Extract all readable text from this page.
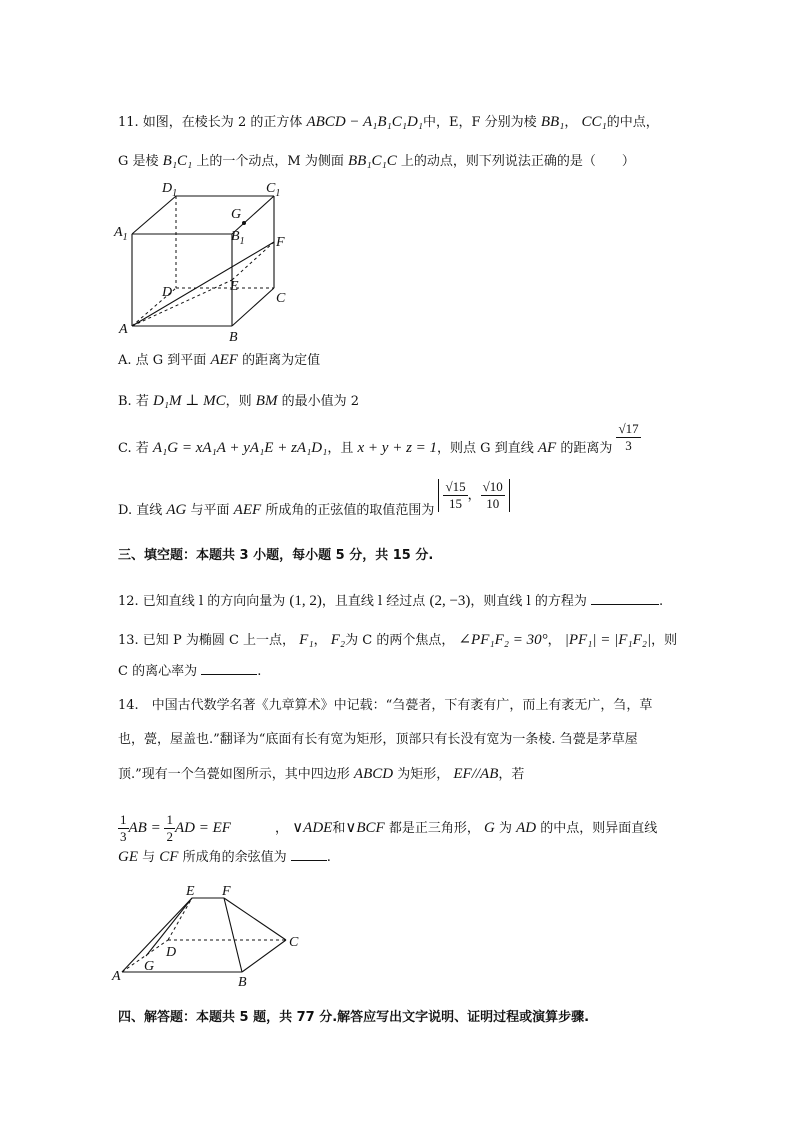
11. 如图，在棱长为 2 的正方体 ABCD − A₁B₁C₁D₁中，E，F 分别为棱 BB₁， CC₁的中点，
G 是棱 B₁C₁ 上的一个动点，M 为侧面 BB₁C₁C 上的动点，则下列说法正确的是（　　）
$D_1$	$C_1$
$A_1$	$B_1$
G
F
D	E
C
A
B
A. 点 G 到平面 AEF 的距离为定值
B. 若 D₁M ⊥ MC，则 BM 的最小值为 2
C. 若 A₁G = xA₁A + yA₁E + zA₁D₁，且 x + y + z = 1，则点 G 到直线 AF 的距离为 $\frac{√17}{3}$
D. 直线 AG 与平面 AEF 所成角的正弦值的取值范围为 $\frac{√15}{15}$ ， $\frac{√10}{10}$
三、填空题：本题共 3 小题，每小题 5 分，共 15 分.
12. 已知直线 l 的方向向量为 (1, 2)，且直线 l 经过点 (2, −3)，则直线 l 的方程为	.
13. 已知 P 为椭圆 C 上一点， F₁， F₂为 C 的两个焦点， ∠PF₁F₂ = 30°， |PF₁| = |F₁F₂|，则
C 的离心率为	.
14.　中国古代数学名著《九章算术》中记载：“刍甍者，下有袤有广，而上有袤无广，刍，草
也，甍，屋盖也.”翻译为“底面有长有宽为矩形，顶部只有长没有宽为一条棱. 刍甍是茅草屋
顶.”现有一个刍甍如图所示，其中四边形 ABCD 为矩形， EF//AB，若
$\frac{1}{3}$ AB = $\frac{1}{2}$ AD = EF	， ∨ADE和∨BCF 都是正三角形， G 为 AD 的中点，则异面直线
GE 与 CF 所成角的余弦值为	.
E F
C
D
G
A	B
四、解答题：本题共 5 题，共 77 分.解答应写出文字说明、证明过程或演算步骤.
